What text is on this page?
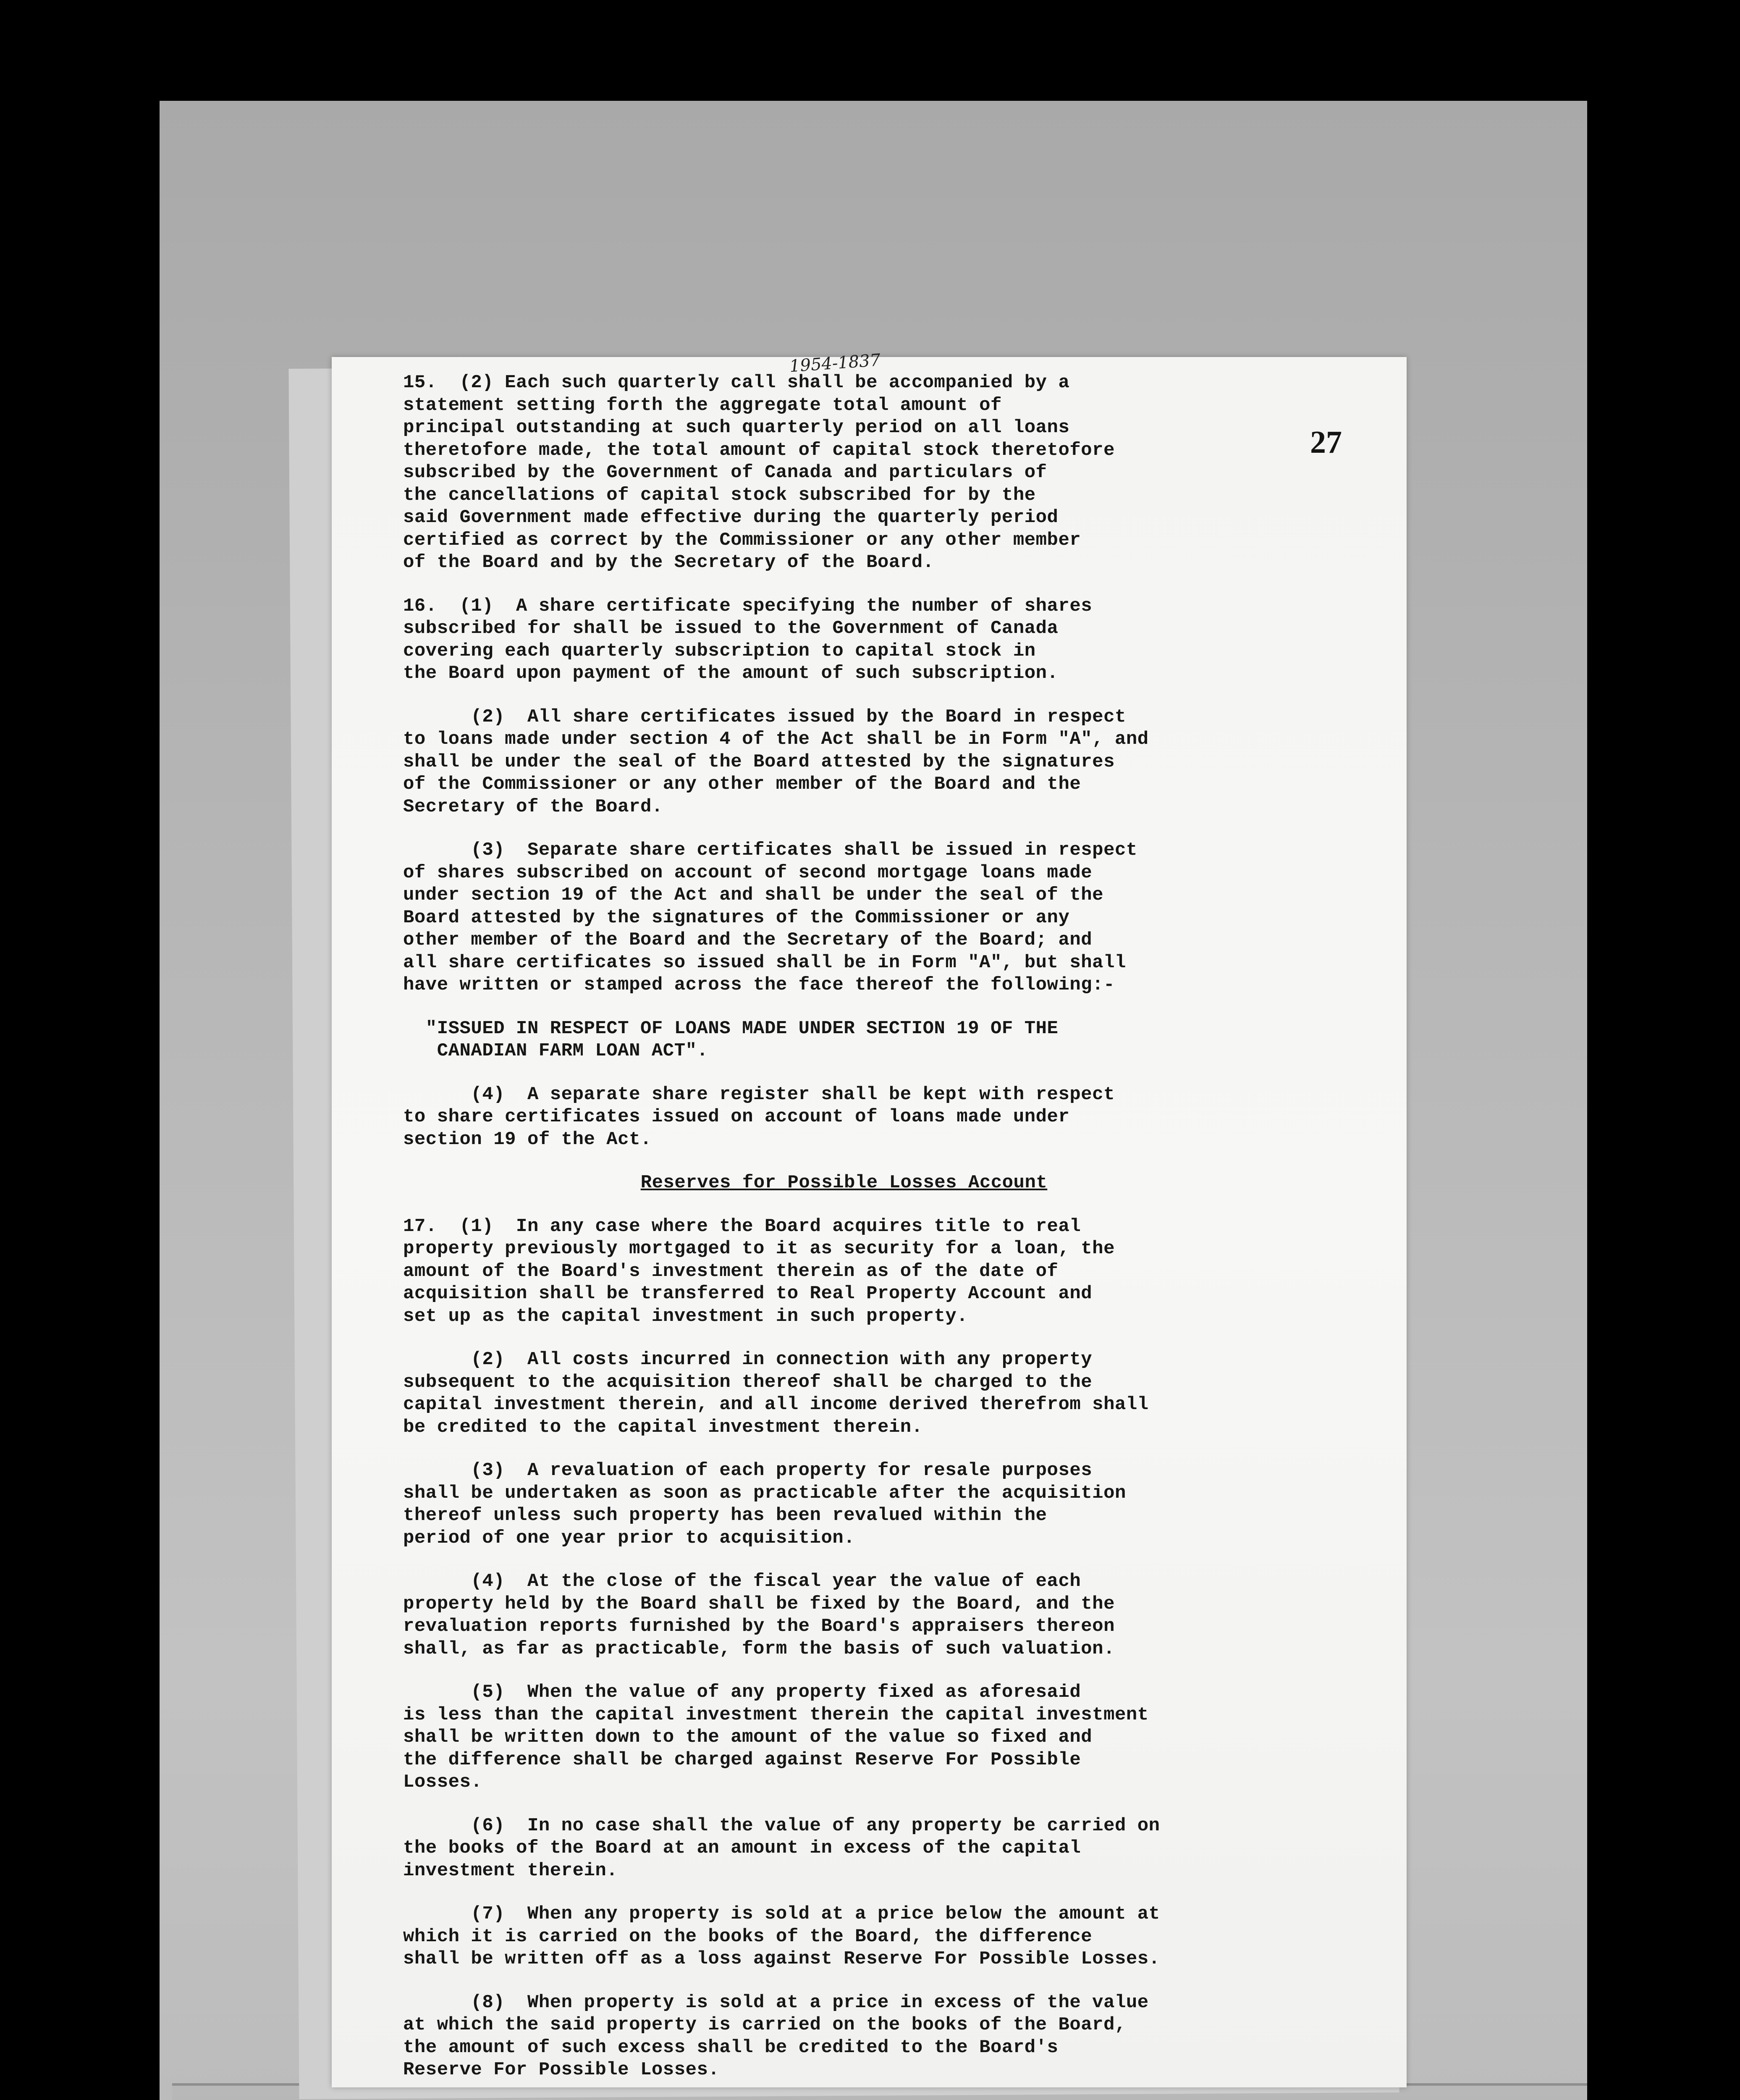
1954-1837
27
15.  (2) Each such quarterly call shall be accompanied by a
statement setting forth the aggregate total amount of
principal outstanding at such quarterly period on all loans
theretofore made, the total amount of capital stock theretofore
subscribed by the Government of Canada and particulars of
the cancellations of capital stock subscribed for by the
said Government made effective during the quarterly period
certified as correct by the Commissioner or any other member
of the Board and by the Secretary of the Board.
16.  (1)  A share certificate specifying the number of shares
subscribed for shall be issued to the Government of Canada
covering each quarterly subscription to capital stock in
the Board upon payment of the amount of such subscription.
(2)  All share certificates issued by the Board in respect
to loans made under section 4 of the Act shall be in Form "A", and
shall be under the seal of the Board attested by the signatures
of the Commissioner or any other member of the Board and the
Secretary of the Board.
(3)  Separate share certificates shall be issued in respect
of shares subscribed on account of second mortgage loans made
under section 19 of the Act and shall be under the seal of the
Board attested by the signatures of the Commissioner or any
other member of the Board and the Secretary of the Board; and
all share certificates so issued shall be in Form "A", but shall
have written or stamped across the face thereof the following:-
"ISSUED IN RESPECT OF LOANS MADE UNDER SECTION 19 OF THE
CANADIAN FARM LOAN ACT".
(4)  A separate share register shall be kept with respect
to share certificates issued on account of loans made under
section 19 of the Act.
Reserves for Possible Losses Account
17.  (1)  In any case where the Board acquires title to real
property previously mortgaged to it as security for a loan, the
amount of the Board's investment therein as of the date of
acquisition shall be transferred to Real Property Account and
set up as the capital investment in such property.
(2)  All costs incurred in connection with any property
subsequent to the acquisition thereof shall be charged to the
capital investment therein, and all income derived therefrom shall
be credited to the capital investment therein.
(3)  A revaluation of each property for resale purposes
shall be undertaken as soon as practicable after the acquisition
thereof unless such property has been revalued within the
period of one year prior to acquisition.
(4)  At the close of the fiscal year the value of each
property held by the Board shall be fixed by the Board, and the
revaluation reports furnished by the Board's appraisers thereon
shall, as far as practicable, form the basis of such valuation.
(5)  When the value of any property fixed as aforesaid
is less than the capital investment therein the capital investment
shall be written down to the amount of the value so fixed and
the difference shall be charged against Reserve For Possible
Losses.
(6)  In no case shall the value of any property be carried on
the books of the Board at an amount in excess of the capital
investment therein.
(7)  When any property is sold at a price below the amount at
which it is carried on the books of the Board, the difference
shall be written off as a loss against Reserve For Possible Losses.
(8)  When property is sold at a price in excess of the value
at which the said property is carried on the books of the Board,
the amount of such excess shall be credited to the Board's
Reserve For Possible Losses.
